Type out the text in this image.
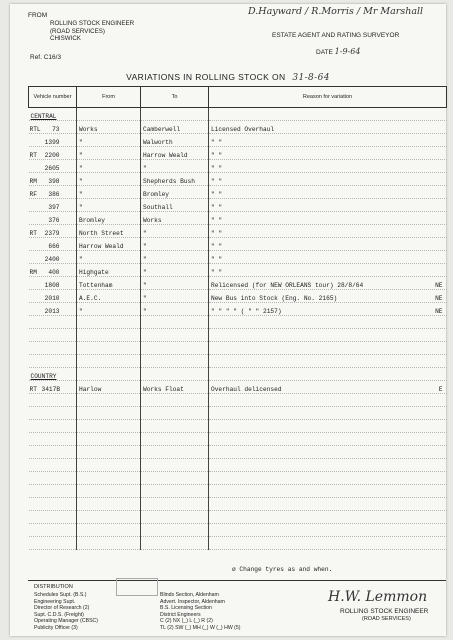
FROM
ROLLING STOCK ENGINEER
(ROAD SERVICES)
CHISWICK
Ref. C16/3
D.Hayward / R.Morris / Mr Marshall
ESTATE AGENT AND RATING SURVEYOR
DATE 1-9-64
VARIATIONS IN ROLLING STOCK ON 31-8-64
Vehicle number	From	To	Reason for variation
CENTRAL			
RTL 73	Works	Camberwell	Licensed Overhaul

1399	"	Walworth	" "

RT 2200	"	Harrow Weald	" "

2605	"	"	" "

RM 398	"	Shepherds Bush	" "

RF 386	"	Bromley	" "

397	"	Southall	" "

376	Bromley	Works	" "

RT 2379	North Street	"	" "

666	Harrow Weald	"	" "

2400	"	"	" "

RM 400	Highgate	"	" "

1808	Tottenham	"	Relicensed (for NEW ORLEANS tour) 28/8/64 NE

2010	A.E.C.	"	New Bus into Stock (Eng. No. 2165) NE

2013	"	"	" " " " ( " " 2157) NE

COUNTRY			
RT 3417B	Harlow	Works Float	Overhaul delicensed E

ø Change tyres as and when.
DISTRIBUTION
Schedules Supt. (B.S.)
Engineering Supt.
Director of Research (2)
Supt. C.D.S. (Freight)
Operating Manager (CBSC)
Publicity Officer (3)
Blinds Section, Aldenham
Advert. Inspector, Aldenham
B.S. Licensing Section
District Engineers
C (2) NX (_) L (_) R (2)
TL (2) SW (_) MH (_) W (_) HW (5)
H.W. Lemmon
ROLLING STOCK ENGINEER
(ROAD SERVICES)
